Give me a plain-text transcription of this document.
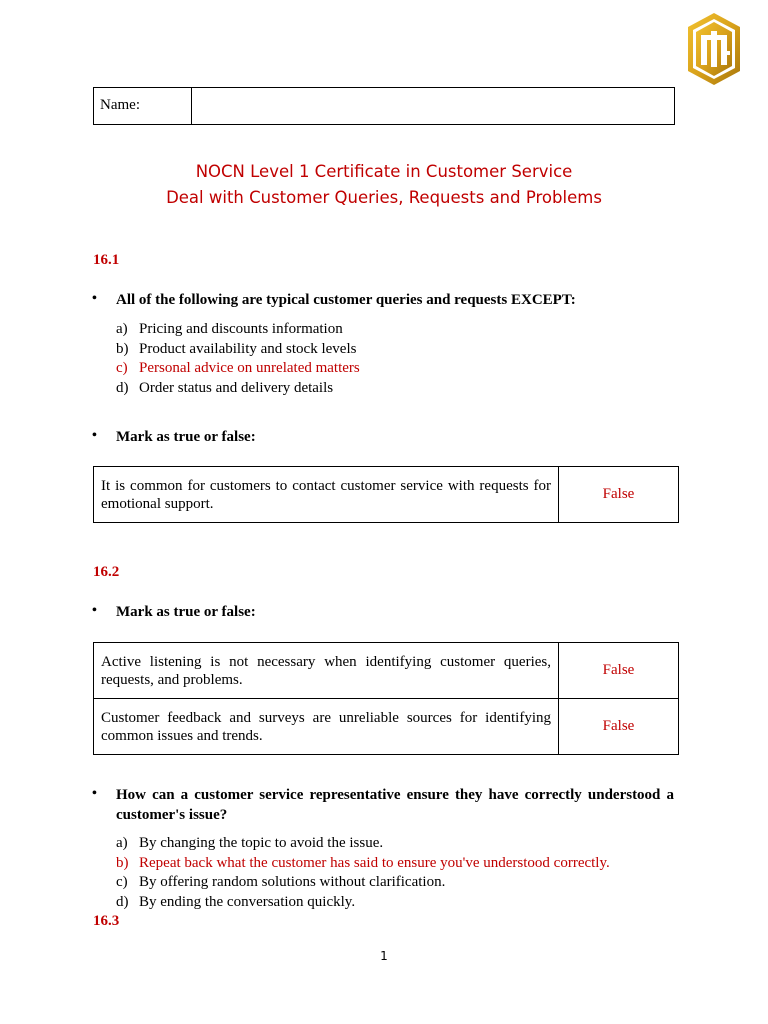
Name:
NOCN Level 1 Certificate in Customer Service
Deal with Customer Queries, Requests and Problems
16.1
• All of the following are typical customer queries and requests EXCEPT:
a) Pricing and discounts information
b) Product availability and stock levels
c) Personal advice on unrelated matters
d) Order status and delivery details
• Mark as true or false:
It is common for customers to contact customer service with requests for emotional support.	False
16.2
• Mark as true or false:
Active listening is not necessary when identifying customer queries, requests, and problems.	False
Customer feedback and surveys are unreliable sources for identifying common issues and trends.	False
• How can a customer service representative ensure they have correctly understood a customer's issue?
a) By changing the topic to avoid the issue.
b) Repeat back what the customer has said to ensure you've understood correctly.
c) By offering random solutions without clarification.
d) By ending the conversation quickly.
16.3
1
